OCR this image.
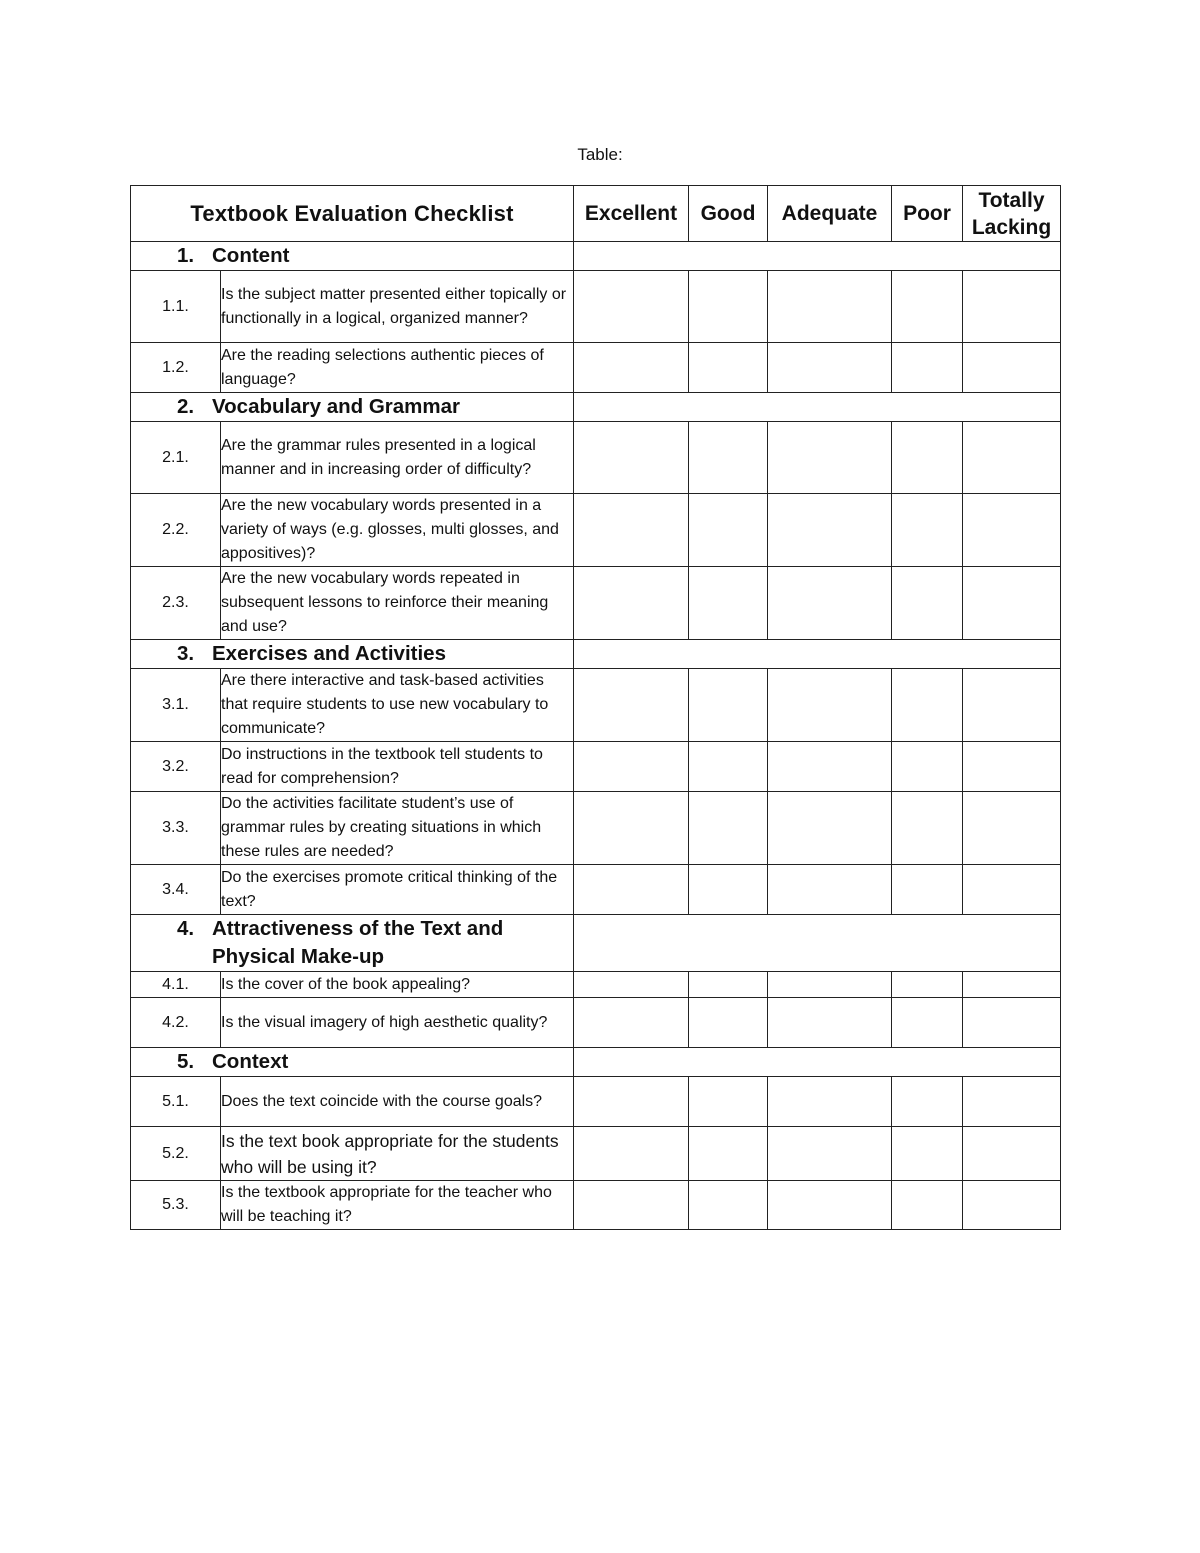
Table:
Textbook Evaluation Checklist		Excellent	Good	Adequate	Poor	Totally Lacking
1. Content						
1.1.	Is the subject matter presented either topically or functionally in a logical, organized manner?					
1.2.	Are the reading selections authentic pieces of language?					
2. Vocabulary and Grammar						
2.1.	Are the grammar rules presented in a logical manner and in increasing order of difficulty?					
2.2.	Are the new vocabulary words presented in a variety of ways (e.g. glosses, multi glosses, and appositives)?					
2.3.	Are the new vocabulary words repeated in subsequent lessons to reinforce their meaning and use?					
3. Exercises and Activities						
3.1.	Are there interactive and task-based activities that require students to use new vocabulary to communicate?					
3.2.	Do instructions in the textbook tell students to read for comprehension?					
3.3.	Do the activities facilitate student’s use of grammar rules by creating situations in which these rules are needed?					
3.4.	Do the exercises promote critical thinking of the text?					

4. Attractiveness of the Text and Physical Make-up						

4.1.	Is the cover of the book appealing?					
4.2.	Is the visual imagery of high aesthetic quality?					
5. Context						
5.1.	Does the text coincide with the course goals?					
5.2.	Is the text book appropriate for the students who will be using it?					
5.3.	Is the textbook appropriate for the teacher who will be teaching it?					
